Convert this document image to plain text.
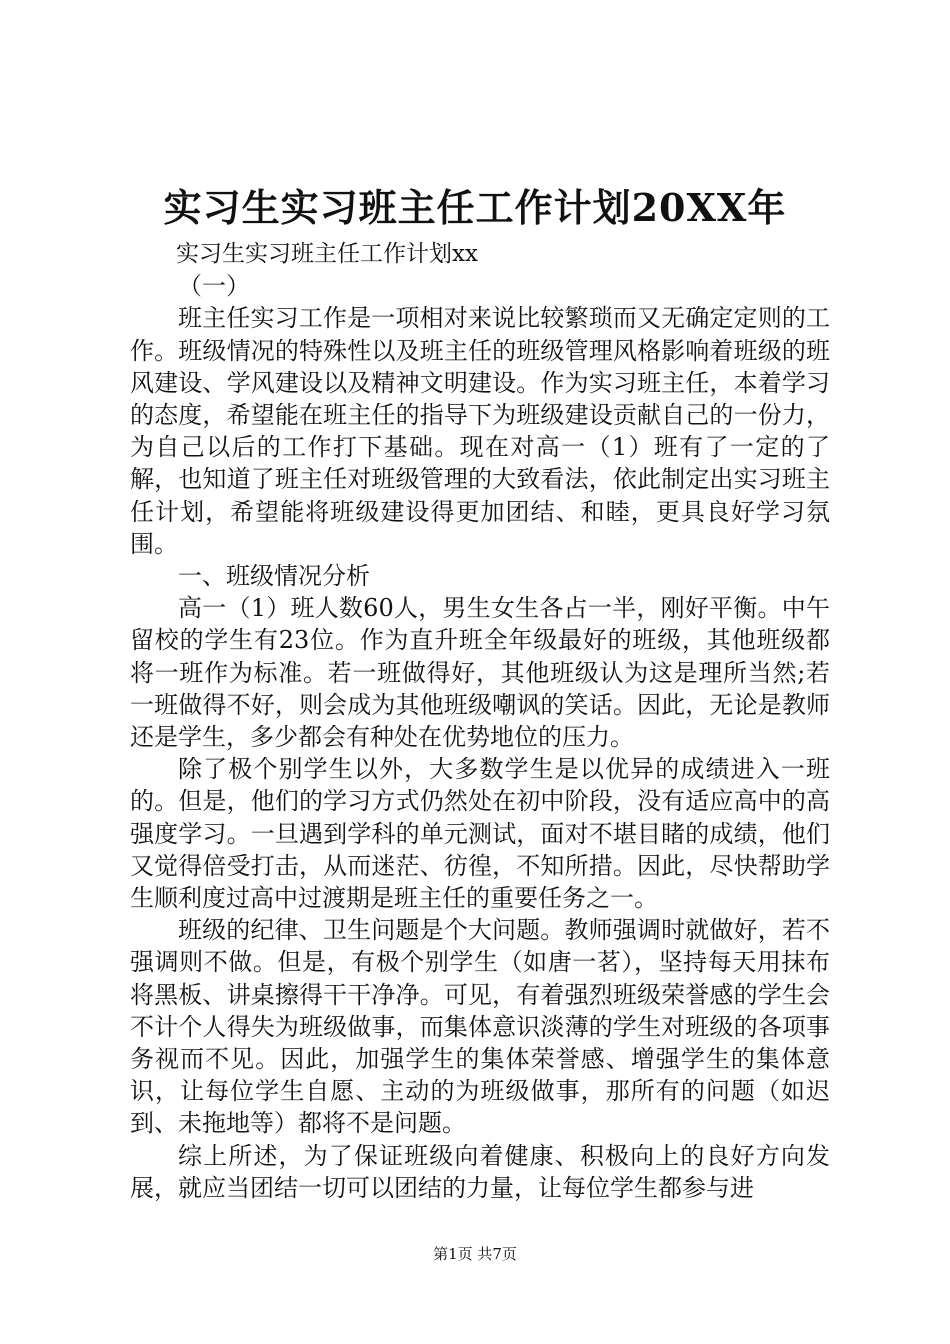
实习生实习班主任工作计划20XX年

实习生实习班主任工作计划xx

（一）

班主任实习工作是一项相对来说比较繁琐而又无确定定则的工作。班级情况的特殊性以及班主任的班级管理风格影响着班级的班风建设、学风建设以及精神文明建设。作为实习班主任，本着学习的态度，希望能在班主任的指导下为班级建设贡献自己的一份力，为自己以后的工作打下基础。现在对高一（1）班有了一定的了解，也知道了班主任对班级管理的大致看法，依此制定出实习班主任计划，希望能将班级建设得更加团结、和睦，更具良好学习氛围。

一、班级情况分析

高一（1）班人数60人，男生女生各占一半，刚好平衡。中午留校的学生有23位。作为直升班全年级最好的班级，其他班级都将一班作为标准。若一班做得好，其他班级认为这是理所当然;若一班做得不好，则会成为其他班级嘲讽的笑话。因此，无论是教师还是学生，多少都会有种处在优势地位的压力。

除了极个别学生以外，大多数学生是以优异的成绩进入一班的。但是，他们的学习方式仍然处在初中阶段，没有适应高中的高强度学习。一旦遇到学科的单元测试，面对不堪目睹的成绩，他们又觉得倍受打击，从而迷茫、彷徨，不知所措。因此，尽快帮助学生顺利度过高中过渡期是班主任的重要任务之一。

班级的纪律、卫生问题是个大问题。教师强调时就做好，若不强调则不做。但是，有极个别学生（如唐一茗），坚持每天用抹布将黑板、讲桌擦得干干净净。可见，有着强烈班级荣誉感的学生会不计个人得失为班级做事，而集体意识淡薄的学生对班级的各项事务视而不见。因此，加强学生的集体荣誉感、增强学生的集体意识，让每位学生自愿、主动的为班级做事，那所有的问题（如迟到、未拖地等）都将不是问题。

综上所述，为了保证班级向着健康、积极向上的良好方向发展，就应当团结一切可以团结的力量，让每位学生都参与进

第1页 共7页
